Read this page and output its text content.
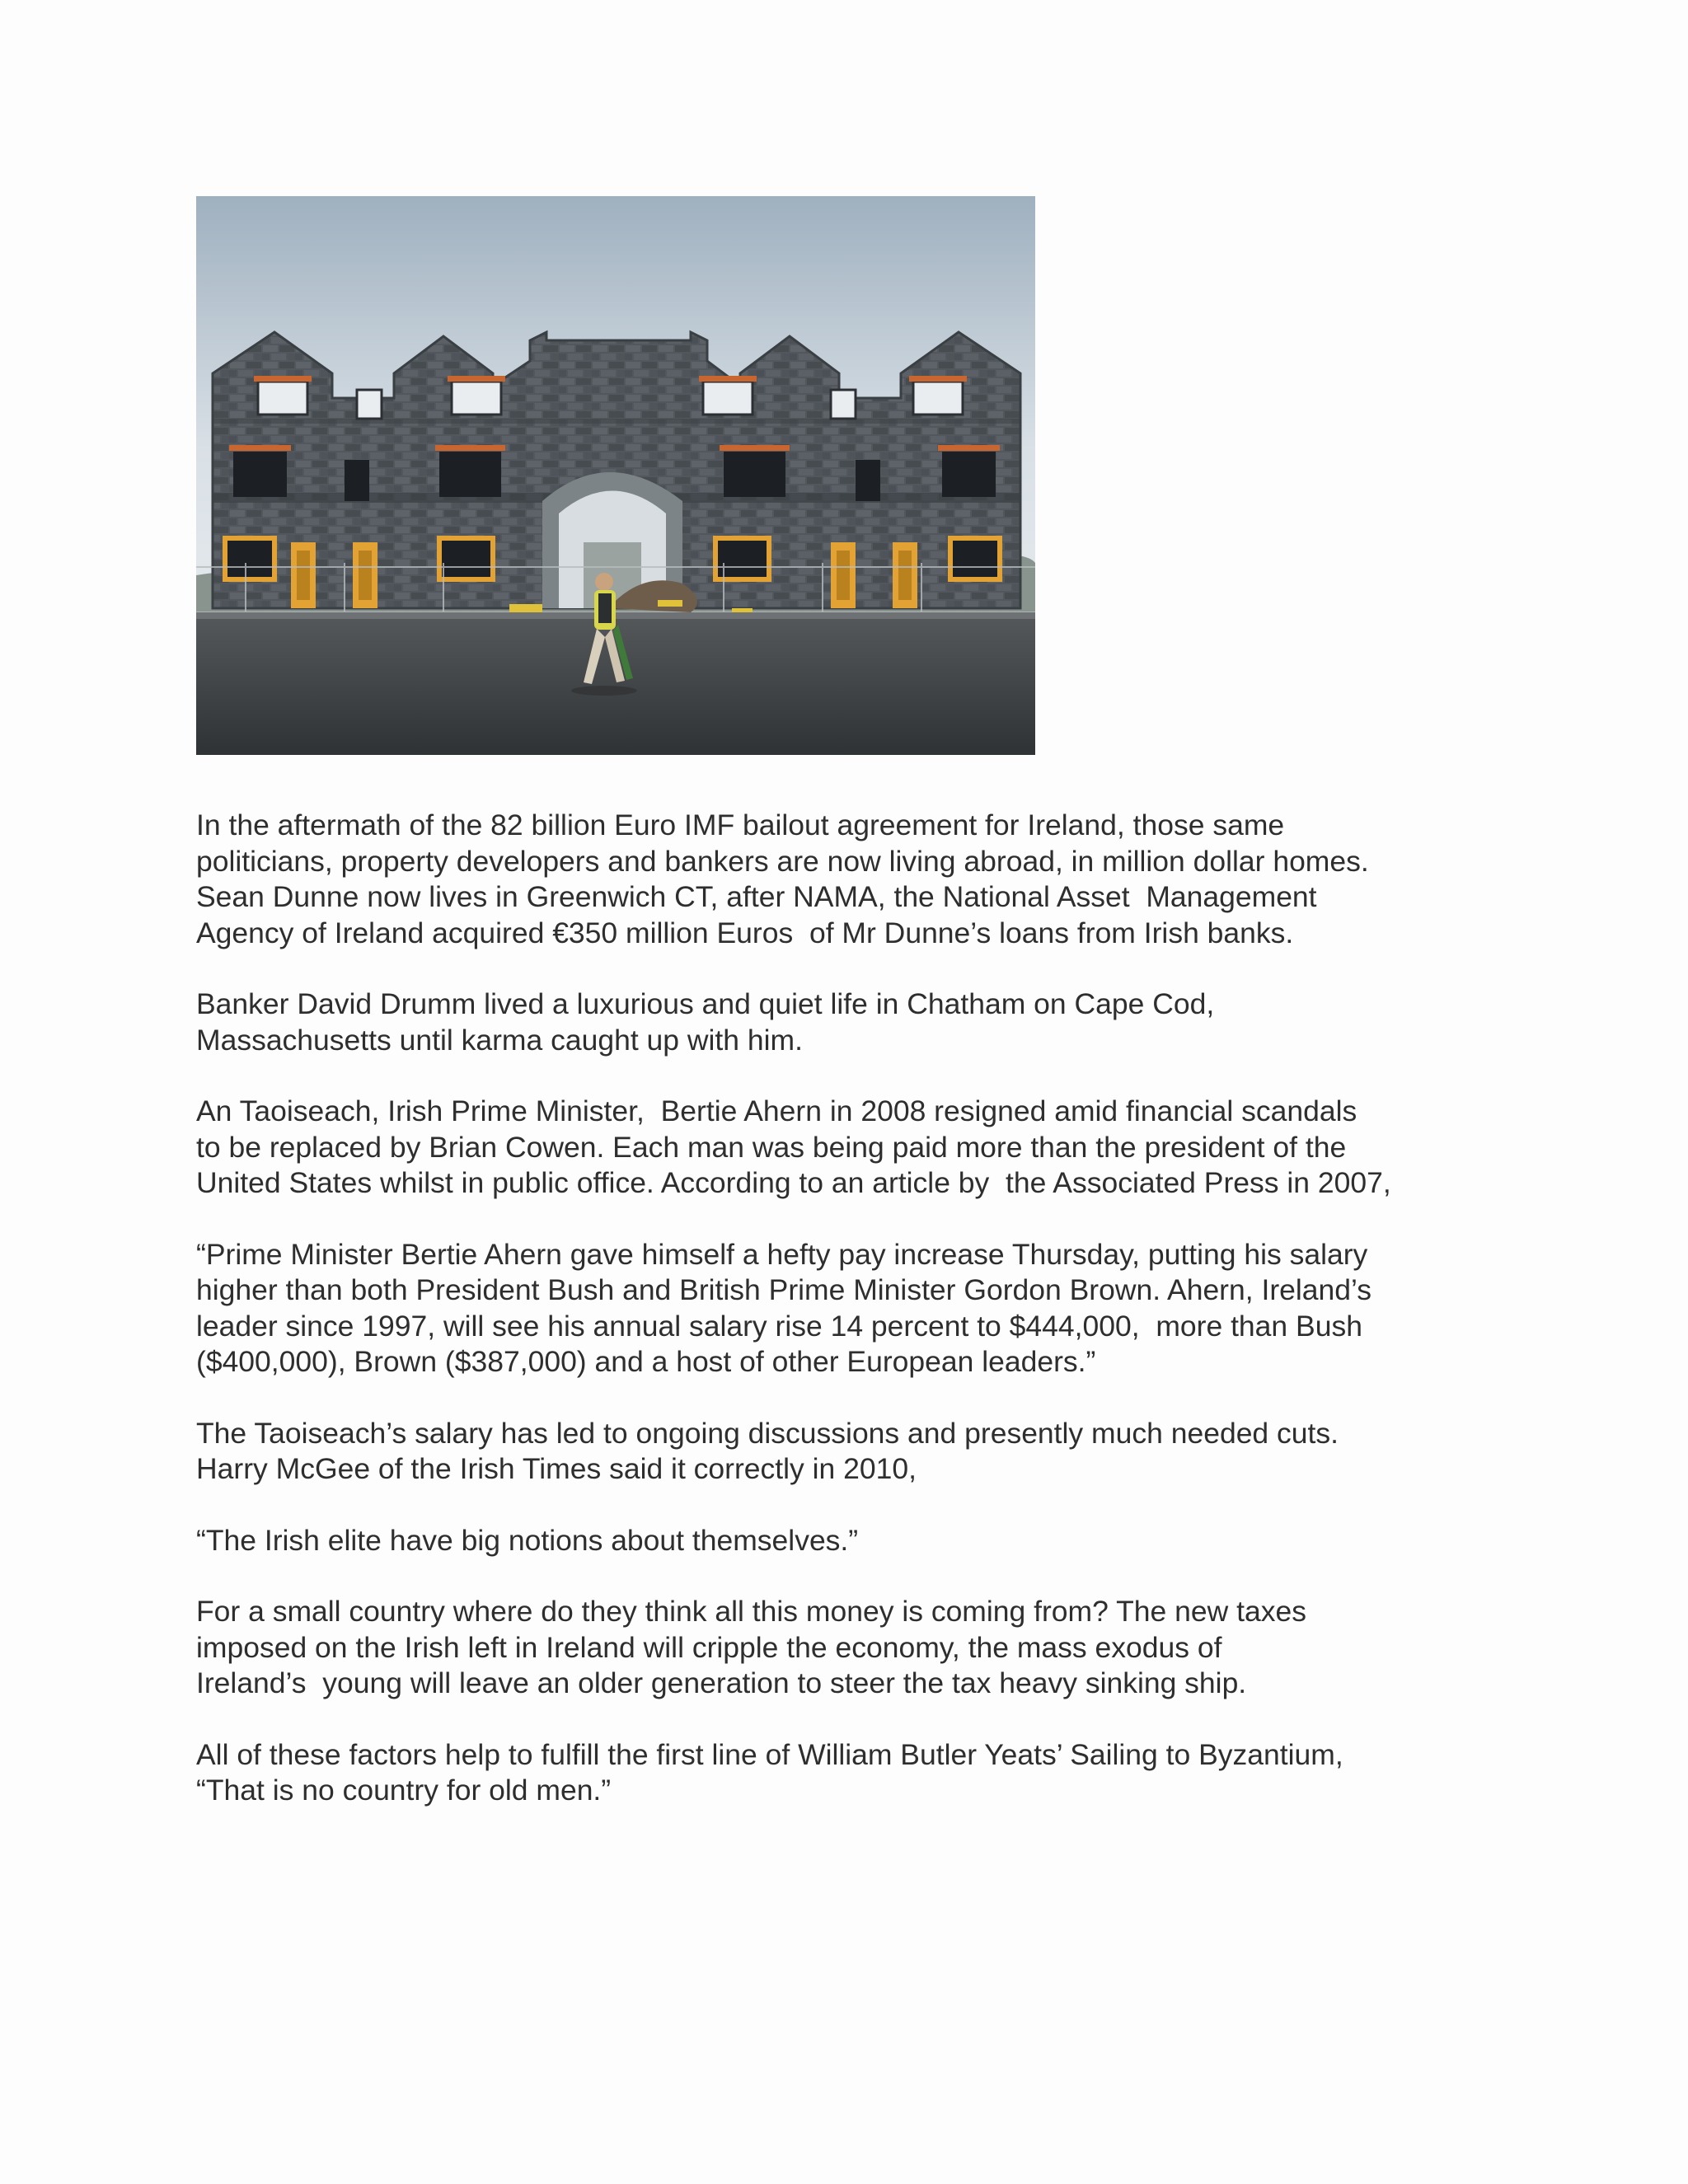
In the aftermath of the 82 billion Euro IMF bailout agreement for Ireland, those same
politicians, property developers and bankers are now living abroad, in million dollar homes.
Sean Dunne now lives in Greenwich CT, after NAMA, the National Asset  Management
Agency of Ireland acquired €350 million Euros  of Mr Dunne’s loans from Irish banks.

Banker David Drumm lived a luxurious and quiet life in Chatham on Cape Cod,
Massachusetts until karma caught up with him.

An Taoiseach, Irish Prime Minister,  Bertie Ahern in 2008 resigned amid financial scandals
to be replaced by Brian Cowen. Each man was being paid more than the president of the
United States whilst in public office. According to an article by  the Associated Press in 2007,

“Prime Minister Bertie Ahern gave himself a hefty pay increase Thursday, putting his salary
higher than both President Bush and British Prime Minister Gordon Brown. Ahern, Ireland’s
leader since 1997, will see his annual salary rise 14 percent to $444,000,  more than Bush
($400,000), Brown ($387,000) and a host of other European leaders.”

The Taoiseach’s salary has led to ongoing discussions and presently much needed cuts.
Harry McGee of the Irish Times said it correctly in 2010,

“The Irish elite have big notions about themselves.”

For a small country where do they think all this money is coming from? The new taxes
imposed on the Irish left in Ireland will cripple the economy, the mass exodus of
Ireland’s  young will leave an older generation to steer the tax heavy sinking ship.

All of these factors help to fulfill the first line of William Butler Yeats’ Sailing to Byzantium,
“That is no country for old men.”
